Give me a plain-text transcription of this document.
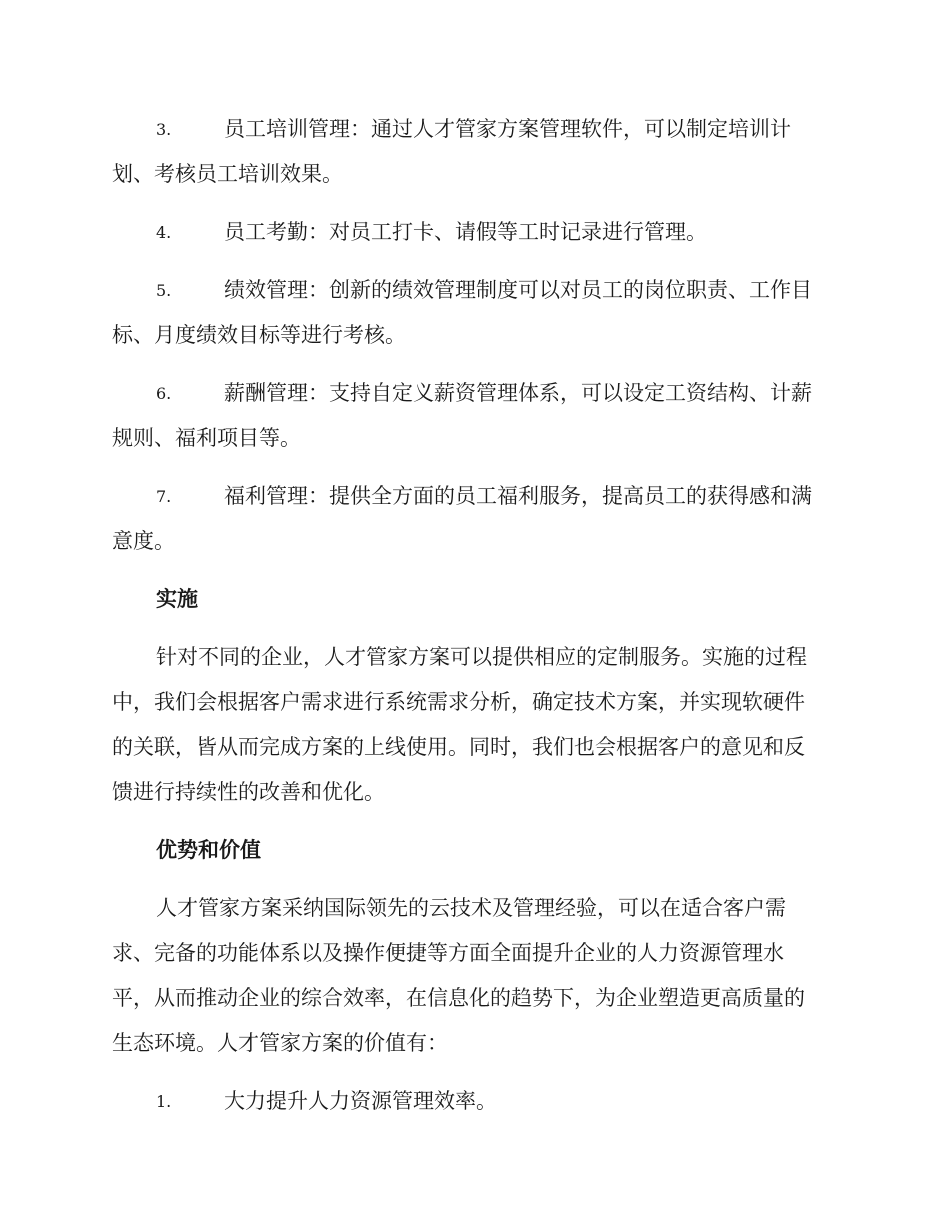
3.	员工培训管理：通过人才管家方案管理软件，可以制定培训计
划、考核员工培训效果。
4.	员工考勤：对员工打卡、请假等工时记录进行管理。
5.	绩效管理：创新的绩效管理制度可以对员工的岗位职责、工作目
标、月度绩效目标等进行考核。
6.	薪酬管理：支持自定义薪资管理体系，可以设定工资结构、计薪
规则、福利项目等。
7.	福利管理：提供全方面的员工福利服务，提高员工的获得感和满
意度。
实施
针对不同的企业，人才管家方案可以提供相应的定制服务。实施的过程
中，我们会根据客户需求进行系统需求分析，确定技术方案，并实现软硬件
的关联，皆从而完成方案的上线使用。同时，我们也会根据客户的意见和反
馈进行持续性的改善和优化。
优势和价值
人才管家方案采纳国际领先的云技术及管理经验，可以在适合客户需
求、完备的功能体系以及操作便捷等方面全面提升企业的人力资源管理水
平，从而推动企业的综合效率，在信息化的趋势下，为企业塑造更高质量的
生态环境。人才管家方案的价值有：
1.	大力提升人力资源管理效率。
